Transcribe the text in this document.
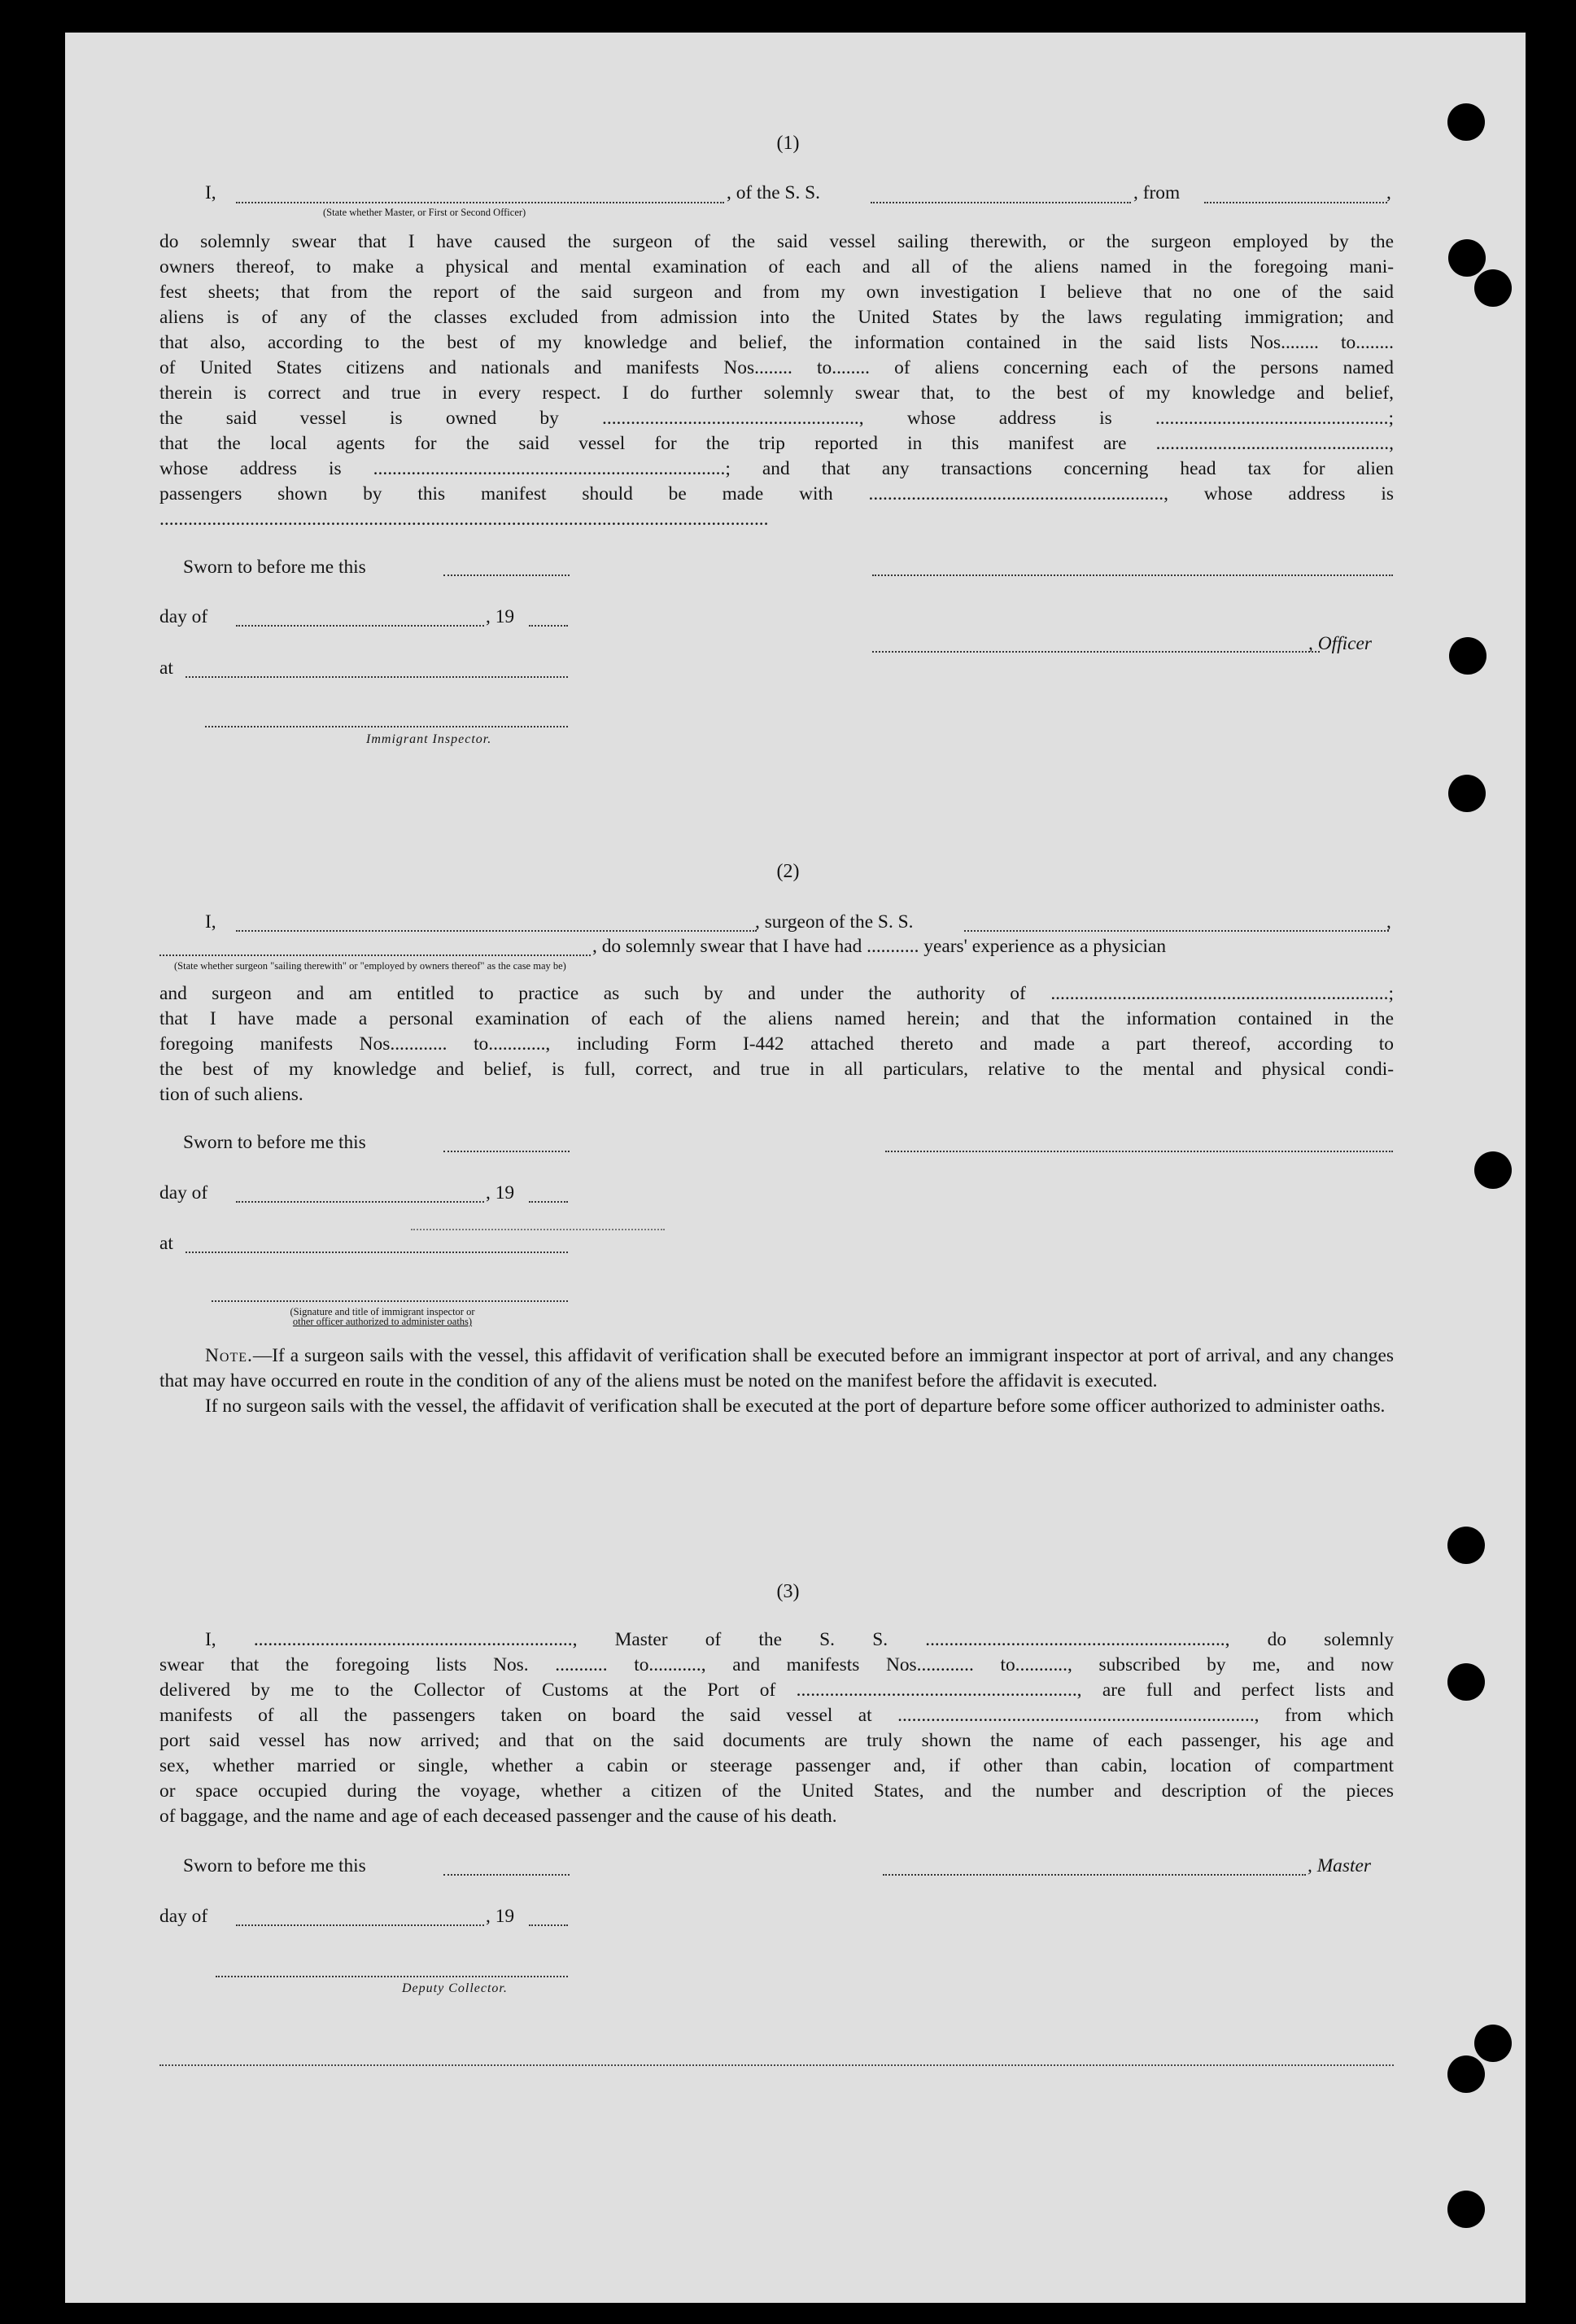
(1)
I,	, of the S. S.	, from	,
(State whether Master, or First or Second Officer)
do solemnly swear that I have caused the surgeon of the said vessel sailing therewith, or the surgeon employed by the
owners thereof, to make a physical and mental examination of each and all of the aliens named in the foregoing mani-
fest sheets; that from the report of the said surgeon and from my own investigation I believe that no one of the said
aliens is of any of the classes excluded from admission into the United States by the laws regulating immigration; and
that also, according to the best of my knowledge and belief, the information contained in the said lists Nos........ to........
of United States citizens and nationals and manifests Nos........ to........ of aliens concerning each of the persons named
therein is correct and true in every respect. I do further solemnly swear that, to the best of my knowledge and belief,
the said vessel is owned by ......................................................, whose address is .................................................;
that the local agents for the said vessel for the trip reported in this manifest are .................................................,
whose address is ..........................................................................; and that any transactions concerning head tax for alien
passengers shown by this manifest should be made with .............................................................., whose address is
................................................................................................................................
Sworn to before me this
day of	, 19
at
, Officer
Immigrant Inspector.
(2)
I,	, surgeon of the S. S.	,
, do solemnly swear that I have had ........... years' experience as a physician
(State whether surgeon "sailing therewith" or "employed by owners thereof" as the case may be)
and surgeon and am entitled to practice as such by and under the authority of .......................................................................;
that I have made a personal examination of each of the aliens named herein; and that the information contained in the
foregoing manifests Nos............ to............, including Form I-442 attached thereto and made a part thereof, according to
the best of my knowledge and belief, is full, correct, and true in all particulars, relative to the mental and physical condi-
tion of such aliens.
Sworn to before me this
day of	, 19
at
(Signature and title of immigrant inspector or
other officer authorized to administer oaths)

Note.—If a surgeon sails with the vessel, this affidavit of verification shall be executed before an immigrant inspector at port of arrival, and any changes that may have occurred en route in the condition of any of the aliens must be noted on the manifest before the affidavit is executed.

If no surgeon sails with the vessel, the affidavit of verification shall be executed at the port of departure before some officer authorized to administer oaths.

(3)
I, ..................................................................., Master of the S. S. ..............................................................., do solemnly
swear that the foregoing lists Nos. ........... to..........., and manifests Nos............ to..........., subscribed by me, and now
delivered by me to the Collector of Customs at the Port of ..........................................................., are full and perfect lists and
manifests of all the passengers taken on board the said vessel at ..........................................................................., from which
port said vessel has now arrived; and that on the said documents are truly shown the name of each passenger, his age and
sex, whether married or single, whether a cabin or steerage passenger and, if other than cabin, location of compartment
or space occupied during the voyage, whether a citizen of the United States, and the number and description of the pieces
of baggage, and the name and age of each deceased passenger and the cause of his death.
Sworn to before me this	, Master
day of	, 19
Deputy Collector.
